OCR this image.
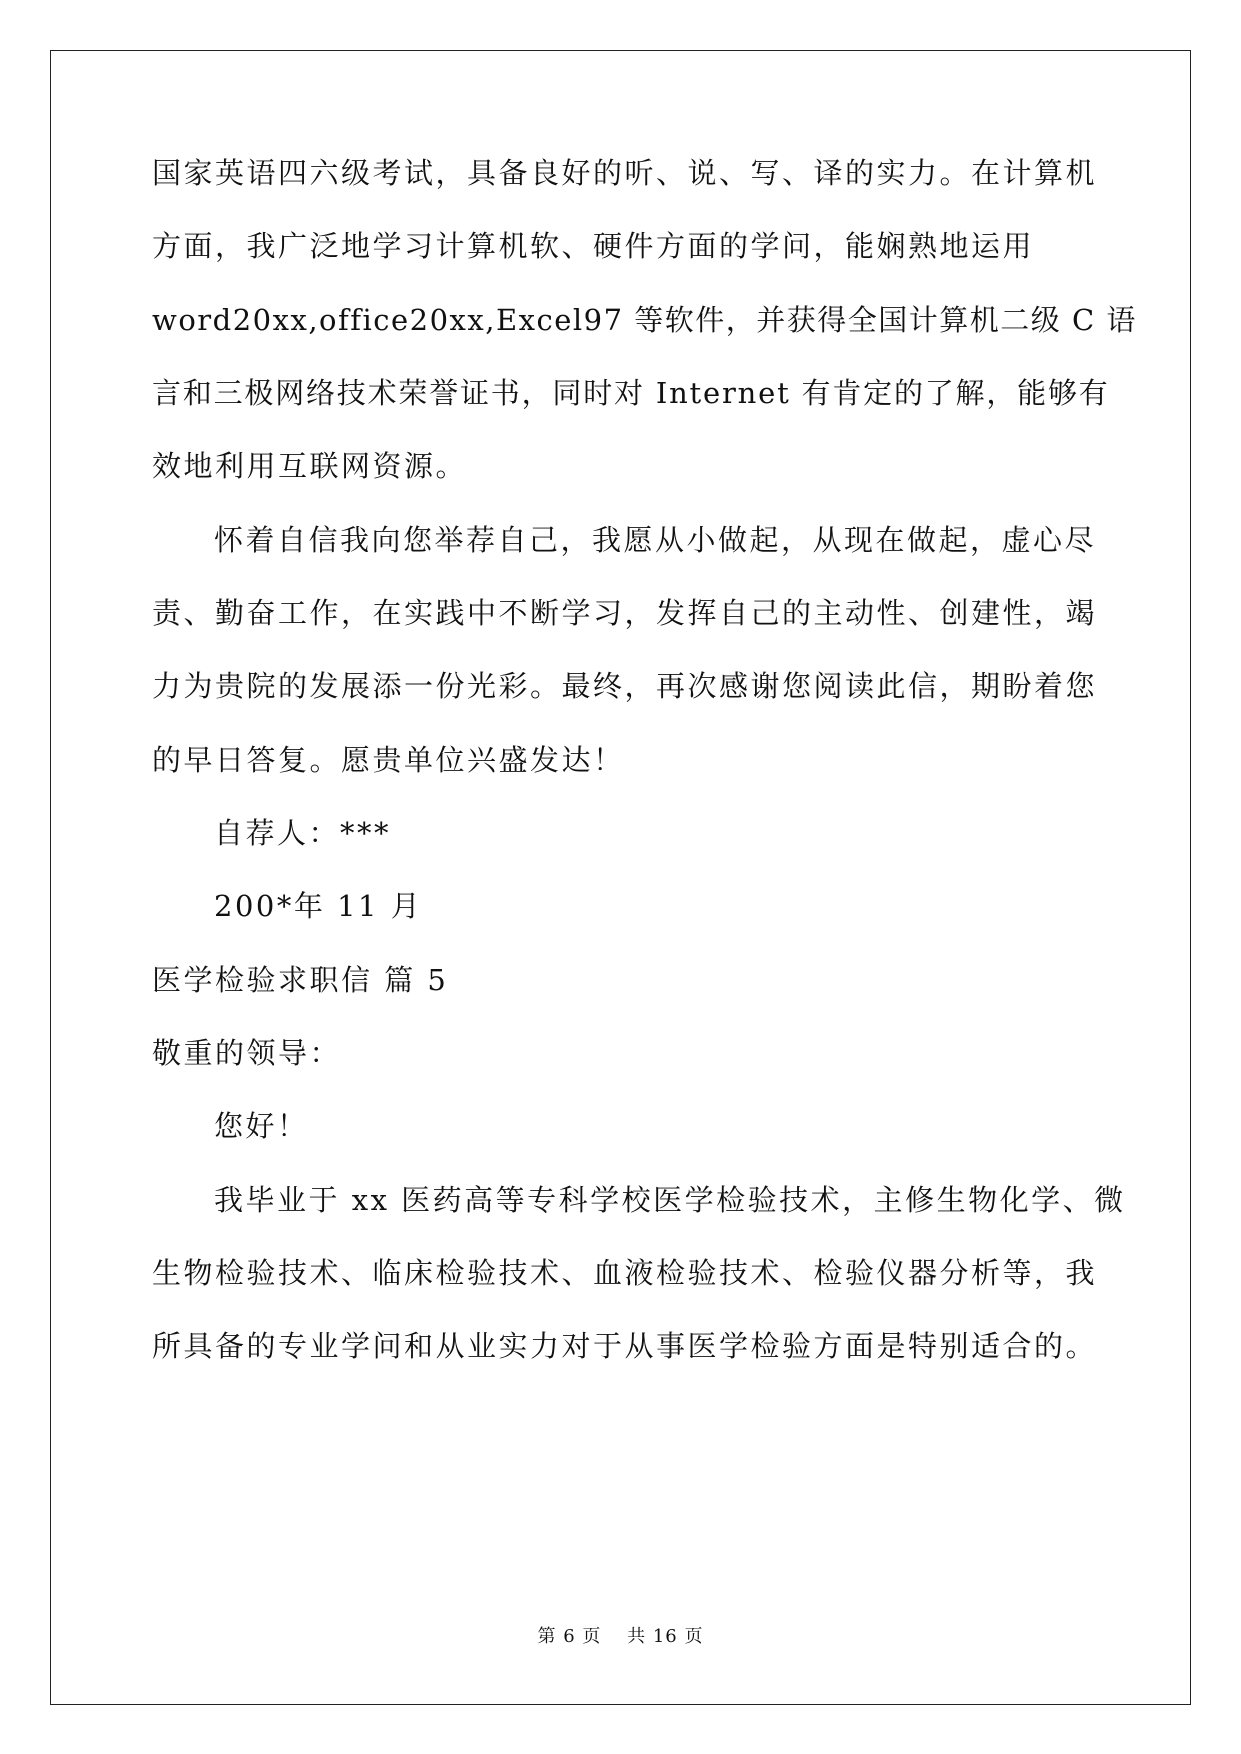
国家英语四六级考试，具备良好的听、说、写、译的实力。在计算机
方面，我广泛地学习计算机软、硬件方面的学问，能娴熟地运用
word20xx,office20xx,Excel97 等软件，并获得全国计算机二级 C 语
言和三极网络技术荣誉证书，同时对 Internet 有肯定的了解，能够有
效地利用互联网资源。
怀着自信我向您举荐自己，我愿从小做起，从现在做起，虚心尽
责、勤奋工作，在实践中不断学习，发挥自己的主动性、创建性，竭
力为贵院的发展添一份光彩。最终，再次感谢您阅读此信，期盼着您
的早日答复。愿贵单位兴盛发达！
自荐人：***
200*年 11 月
医学检验求职信 篇 5
敬重的领导：
您好！
我毕业于 xx 医药高等专科学校医学检验技术，主修生物化学、微
生物检验技术、临床检验技术、血液检验技术、检验仪器分析等，我
所具备的专业学问和从业实力对于从事医学检验方面是特别适合的。
第 6 页　 共 16 页
